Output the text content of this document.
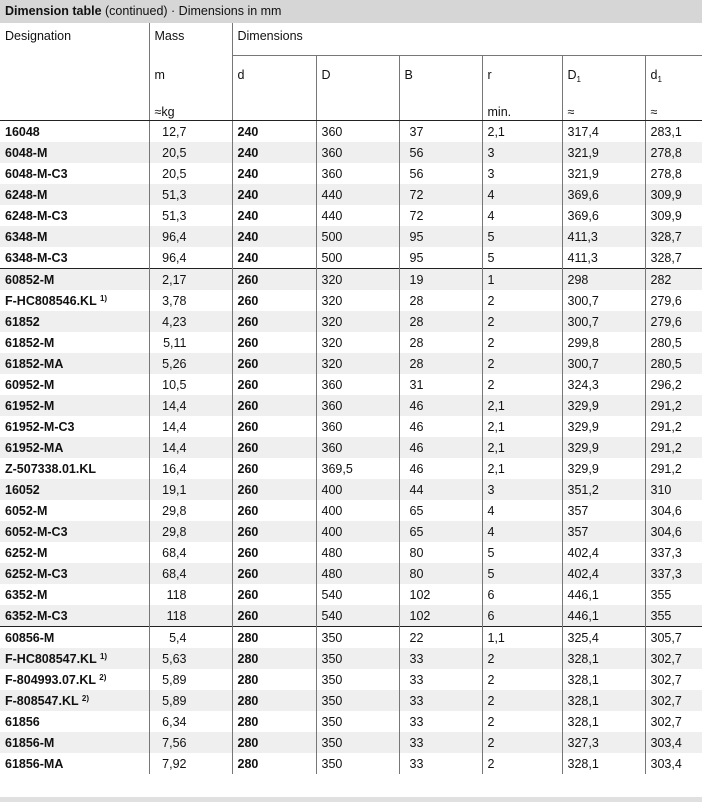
Dimension table (continued) · Dimensions in mm
Designation	Mass	Dimensions					
	m	d	D	B	r	$D_1$	$d_1$
	≈kg				min.	≈	≈
16048	12,7	240	360	37	2,1	317,4	283,1
6048-M	20,5	240	360	56	3	321,9	278,8
6048-M-C3	20,5	240	360	56	3	321,9	278,8
6248-M	51,3	240	440	72	4	369,6	309,9
6248-M-C3	51,3	240	440	72	4	369,6	309,9
6348-M	96,4	240	500	95	5	411,3	328,7
6348-M-C3	96,4	240	500	95	5	411,3	328,7
60852-M	2,17	260	320	19	1	298	282
F-HC808546.KL $^{1)}$	3,78	260	320	28	2	300,7	279,6
61852	4,23	260	320	28	2	300,7	279,6
61852-M	5,11	260	320	28	2	299,8	280,5
61852-MA	5,26	260	320	28	2	300,7	280,5
60952-M	10,5	260	360	31	2	324,3	296,2
61952-M	14,4	260	360	46	2,1	329,9	291,2
61952-M-C3	14,4	260	360	46	2,1	329,9	291,2
61952-MA	14,4	260	360	46	2,1	329,9	291,2
Z-507338.01.KL	16,4	260	369,5	46	2,1	329,9	291,2
16052	19,1	260	400	44	3	351,2	310
6052-M	29,8	260	400	65	4	357	304,6
6052-M-C3	29,8	260	400	65	4	357	304,6
6252-M	68,4	260	480	80	5	402,4	337,3
6252-M-C3	68,4	260	480	80	5	402,4	337,3
6352-M	118	260	540	102	6	446,1	355
6352-M-C3	118	260	540	102	6	446,1	355
60856-M	5,4	280	350	22	1,1	325,4	305,7
F-HC808547.KL $^{1)}$	5,63	280	350	33	2	328,1	302,7
F-804993.07.KL $^{2)}$	5,89	280	350	33	2	328,1	302,7
F-808547.KL $^{2)}$	5,89	280	350	33	2	328,1	302,7
61856	6,34	280	350	33	2	328,1	302,7
61856-M	7,56	280	350	33	2	327,3	303,4
61856-MA	7,92	280	350	33	2	328,1	303,4
